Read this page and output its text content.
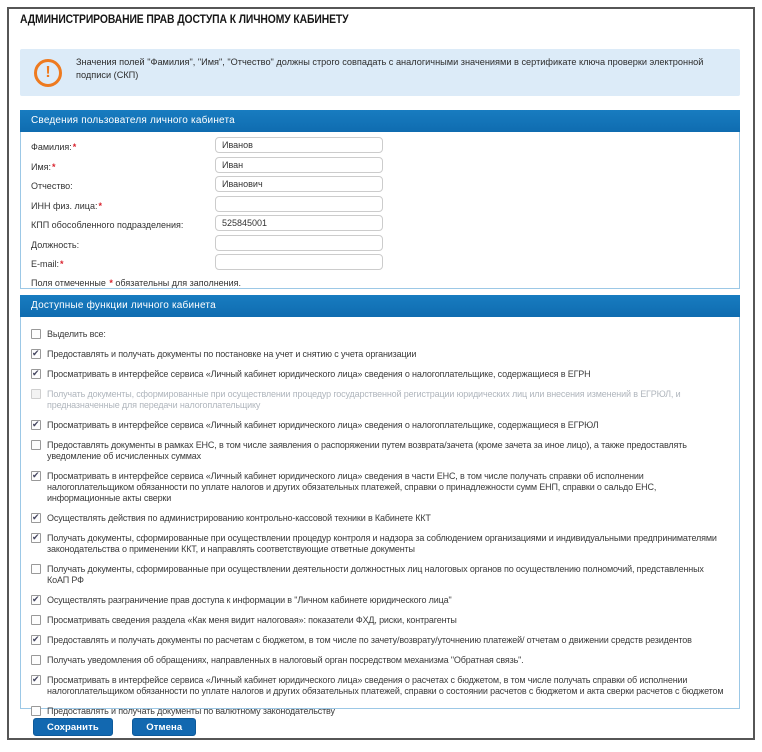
АДМИНИСТРИРОВАНИЕ ПРАВ ДОСТУПА К ЛИЧНОМУ КАБИНЕТУ
!
Значения полей "Фамилия", "Имя", "Отчество" должны строго совпадать с аналогичными значениями в сертификате ключа проверки электронной подписи (СКП)
Сведения пользователя личного кабинета
Фамилия:*
Иванов
Имя:*
Иван
Отчество:
Иванович
ИНН физ. лица:*
КПП обособленного подразделения:
525845001
Должность:
E-mail:*
Поля отмеченные * обязательны для заполнения.
Доступные функции личного кабинета
Выделить все:
✔
Предоставлять и получать документы по постановке на учет и снятию с учета организации
✔
Просматривать в интерфейсе сервиса «Личный кабинет юридического лица» сведения о налогоплательщике, содержащиеся в ЕГРН
Получать документы, сформированные при осуществлении процедур государственной регистрации юридических лиц или внесения изменений в ЕГРЮЛ, и предназначенные для передачи налогоплательщику
✔
Просматривать в интерфейсе сервиса «Личный кабинет юридического лица» сведения о налогоплательщике, содержащиеся в ЕГРЮЛ
Предоставлять документы в рамках ЕНС, в том числе заявления о распоряжении путем возврата/зачета (кроме зачета за иное лицо), а также предоставлять уведомление об исчисленных суммах
✔
Просматривать в интерфейсе сервиса «Личный кабинет юридического лица» сведения в части ЕНС, в том числе получать справки об исполнении налогоплательщиком обязанности по уплате налогов и других обязательных платежей, справки о принадлежности сумм ЕНП, справки о сальдо ЕНС, информационные акты сверки
✔
Осуществлять действия по администрированию контрольно-кассовой техники в Кабинете ККТ
✔
Получать документы, сформированные при осуществлении процедур контроля и надзора за соблюдением организациями и индивидуальными предпринимателями законодательства о применении ККТ, и направлять соответствующие ответные документы
Получать документы, сформированные при осуществлении деятельности должностных лиц налоговых органов по осуществлению полномочий, представленных КоАП РФ
✔
Осуществлять разграничение прав доступа к информации в "Личном кабинете юридического лица"
Просматривать сведения раздела «Как меня видит налоговая»: показатели ФХД, риски, контрагенты
✔
Предоставлять и получать документы по расчетам с бюджетом, в том числе по зачету/возврату/уточнению платежей/ отчетам о движении средств резидентов
Получать уведомления об обращениях, направленных в налоговый орган посредством механизма "Обратная связь".
✔
Просматривать в интерфейсе сервиса «Личный кабинет юридического лица» сведения о расчетах с бюджетом, в том числе получать справки об исполнении налогоплательщиком обязанности по уплате налогов и других обязательных платежей, справки о состоянии расчетов с бюджетом и акта сверки расчетов с бюджетом
Предоставлять и получать документы по валютному законодательству
Сохранить	Отмена
